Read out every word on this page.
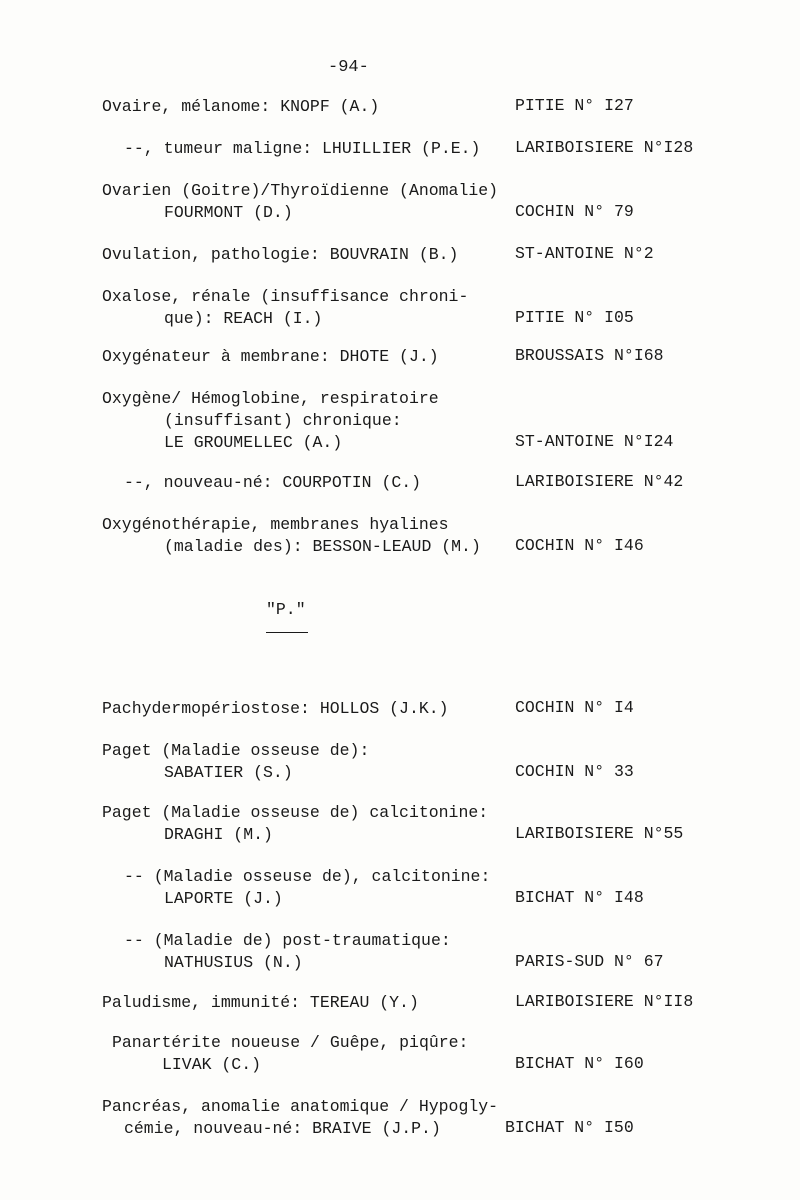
-94-
Ovaire, mélanome: KNOPF (A.)	PITIE N° I27
--, tumeur maligne: LHUILLIER (P.E.) LARIBOISIERE N°I28
Ovarien (Goitre)/Thyroïdienne (Anomalie)
FOURMONT (D.)	COCHIN N° 79
Ovulation, pathologie: BOUVRAIN (B.)	ST-ANTOINE N°2
Oxalose, rénale (insuffisance chroni-
que): REACH (I.)	PITIE N° I05
Oxygénateur à membrane: DHOTE (J.)	BROUSSAIS N°I68
Oxygène/ Hémoglobine, respiratoire
(insuffisant) chronique:
LE GROUMELLEC (A.)	ST-ANTOINE N°I24
--, nouveau-né: COURPOTIN (C.)	LARIBOISIERE N°42
Oxygénothérapie, membranes hyalines
(maladie des): BESSON-LEAUD (M.) COCHIN N° I46
"P."
Pachydermopériostose: HOLLOS (J.K.)	COCHIN N° I4
Paget (Maladie osseuse de):
SABATIER (S.)	COCHIN N° 33
Paget (Maladie osseuse de) calcitonine:
DRAGHI (M.)	LARIBOISIERE N°55
-- (Maladie osseuse de), calcitonine:
LAPORTE (J.)	BICHAT N° I48
-- (Maladie de) post-traumatique:
NATHUSIUS (N.)	PARIS-SUD N° 67
Paludisme, immunité: TEREAU (Y.)	LARIBOISIERE N°II8
Panartérite noueuse / Guêpe, piqûre:
LIVAK (C.)	BICHAT N° I60
Pancréas, anomalie anatomique / Hypogly-
cémie, nouveau-né: BRAIVE (J.P.)	BICHAT N° I50
